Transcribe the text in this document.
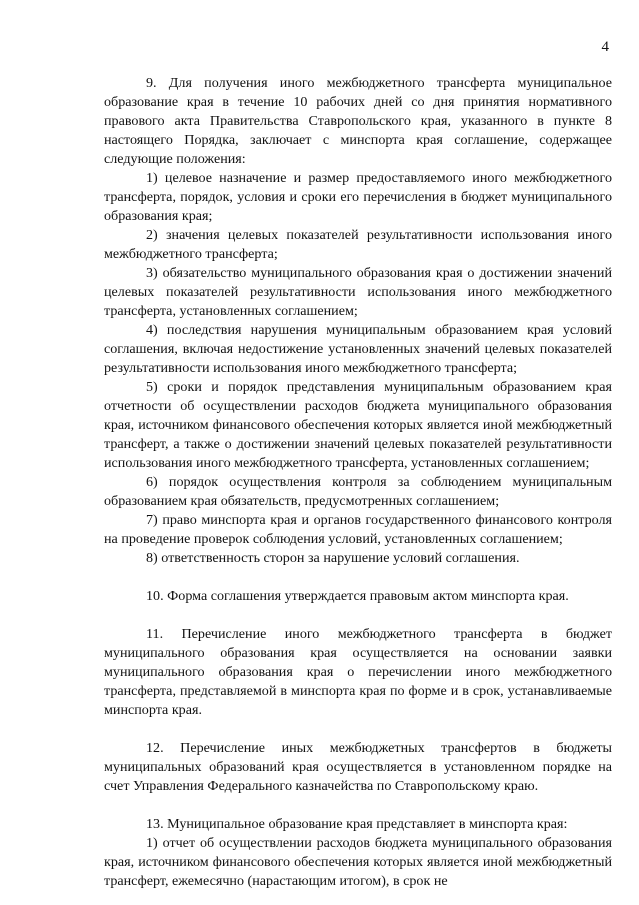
4

9. Для получения иного межбюджетного трансферта муниципальное образование края в течение 10 рабочих дней со дня принятия нормативного правового акта Правительства Ставропольского края, указанного в пункте 8 настоящего Порядка, заключает с минспорта края соглашение, содержащее следующие положения:

1) целевое назначение и размер предоставляемого иного межбюджетного трансферта, порядок, условия и сроки его перечисления в бюджет муниципального образования края;

2) значения целевых показателей результативности использования иного межбюджетного трансферта;

3) обязательство муниципального образования края о достижении значений целевых показателей результативности использования иного межбюджетного трансферта, установленных соглашением;

4) последствия нарушения муниципальным образованием края условий соглашения, включая недостижение установленных значений целевых показателей результативности использования иного межбюджетного трансферта;

5) сроки и порядок представления муниципальным образованием края отчетности об осуществлении расходов бюджета муниципального образования края, источником финансового обеспечения которых является иной межбюджетный трансферт, а также о достижении значений целевых показателей результативности использования иного межбюджетного трансферта, установленных соглашением;

6) порядок осуществления контроля за соблюдением муниципальным образованием края обязательств, предусмотренных соглашением;

7) право минспорта края и органов государственного финансового контроля на проведение проверок соблюдения условий, установленных соглашением;

8) ответственность сторон за нарушение условий соглашения.

10. Форма соглашения утверждается правовым актом минспорта края.

11. Перечисление иного межбюджетного трансферта в бюджет муниципального образования края осуществляется на основании заявки муниципального образования края о перечислении иного межбюджетного трансферта, представляемой в минспорта края по форме и в срок, устанавливаемые минспорта края.

12. Перечисление иных межбюджетных трансфертов в бюджеты муниципальных образований края осуществляется в установленном порядке на счет Управления Федерального казначейства по Ставропольскому краю.

13. Муниципальное образование края представляет в минспорта края:

1) отчет об осуществлении расходов бюджета муниципального образования края, источником финансового обеспечения которых является иной межбюджетный трансферт, ежемесячно (нарастающим итогом), в срок не
